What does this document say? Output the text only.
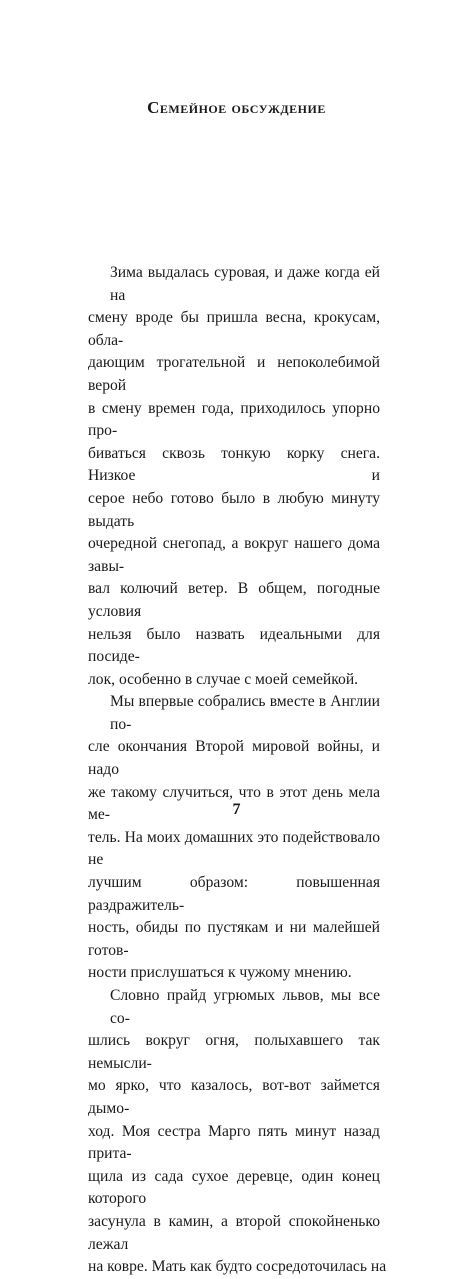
Семейное обсуждение
Зима выдалась суровая, и даже когда ей на
смену вроде бы пришла весна, крокусам, обла-
дающим трогательной и непоколебимой верой
в смену времен года, приходилось упорно про-
биваться сквозь тонкую корку снега. Низкое и
серое небо готово было в любую минуту выдать
очередной снегопад, а вокруг нашего дома завы-
вал колючий ветер. В общем, погодные условия
нельзя было назвать идеальными для посиде-
лок, особенно в случае с моей семейкой.
Мы впервые собрались вместе в Англии по-
сле окончания Второй мировой войны, и надо
же такому случиться, что в этот день мела ме-
тель. На моих домашних это подействовало не
лучшим образом: повышенная раздражитель-
ность, обиды по пустякам и ни малейшей готов-
ности прислушаться к чужому мнению.
Словно прайд угрюмых львов, мы все со-
шлись вокруг огня, полыхавшего так немысли-
мо ярко, что казалось, вот-вот займется дымо-
ход. Моя сестра Марго пять минут назад прита-
щила из сада сухое деревце, один конец которого
засунула в камин, а второй спокойненько лежал
на ковре. Мать как будто сосредоточилась на

7
